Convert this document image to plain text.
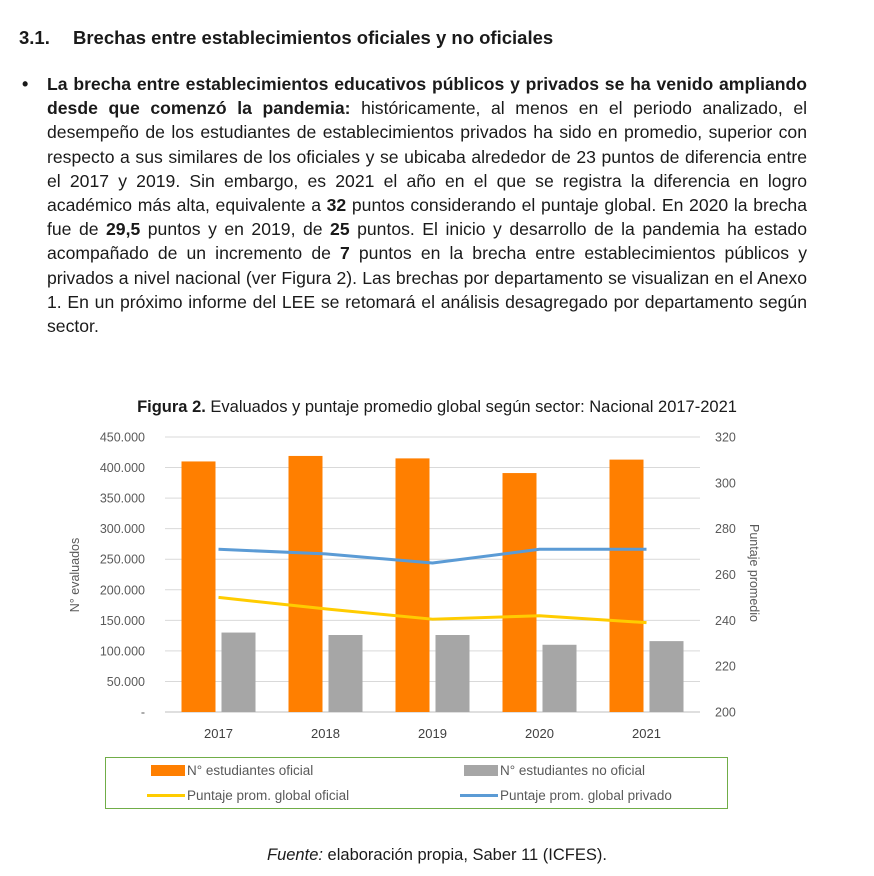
3.1. Brechas entre establecimientos oficiales y no oficiales
• La brecha entre establecimientos educativos públicos y privados se ha venido ampliando desde que comenzó la pandemia: históricamente, al menos en el periodo analizado, el desempeño de los estudiantes de establecimientos privados ha sido en promedio, superior con respecto a sus similares de los oficiales y se ubicaba alrededor de 23 puntos de diferencia entre el 2017 y 2019. Sin embargo, es 2021 el año en el que se registra la diferencia en logro académico más alta, equivalente a 32 puntos considerando el puntaje global. En 2020 la brecha fue de 29,5 puntos y en 2019, de 25 puntos. El inicio y desarrollo de la pandemia ha estado acompañado de un incremento de 7 puntos en la brecha entre establecimientos públicos y privados a nivel nacional (ver Figura 2). Las brechas por departamento se visualizan en el Anexo 1. En un próximo informe del LEE se retomará el análisis desagregado por departamento según sector.
Figura 2. Evaluados y puntaje promedio global según sector: Nacional 2017-2021
-
50.000
100.000
150.000
200.000
250.000
300.000
350.000
400.000
450.000
200
220
240
260
280
300
320
2017	2018	2019	2020	2021
N° evaluados	Puntaje promedio
N° estudiantes oficial	N° estudiantes no oficial
Puntaje prom. global oficial	Puntaje prom. global privado
Fuente: elaboración propia, Saber 11 (ICFES).
